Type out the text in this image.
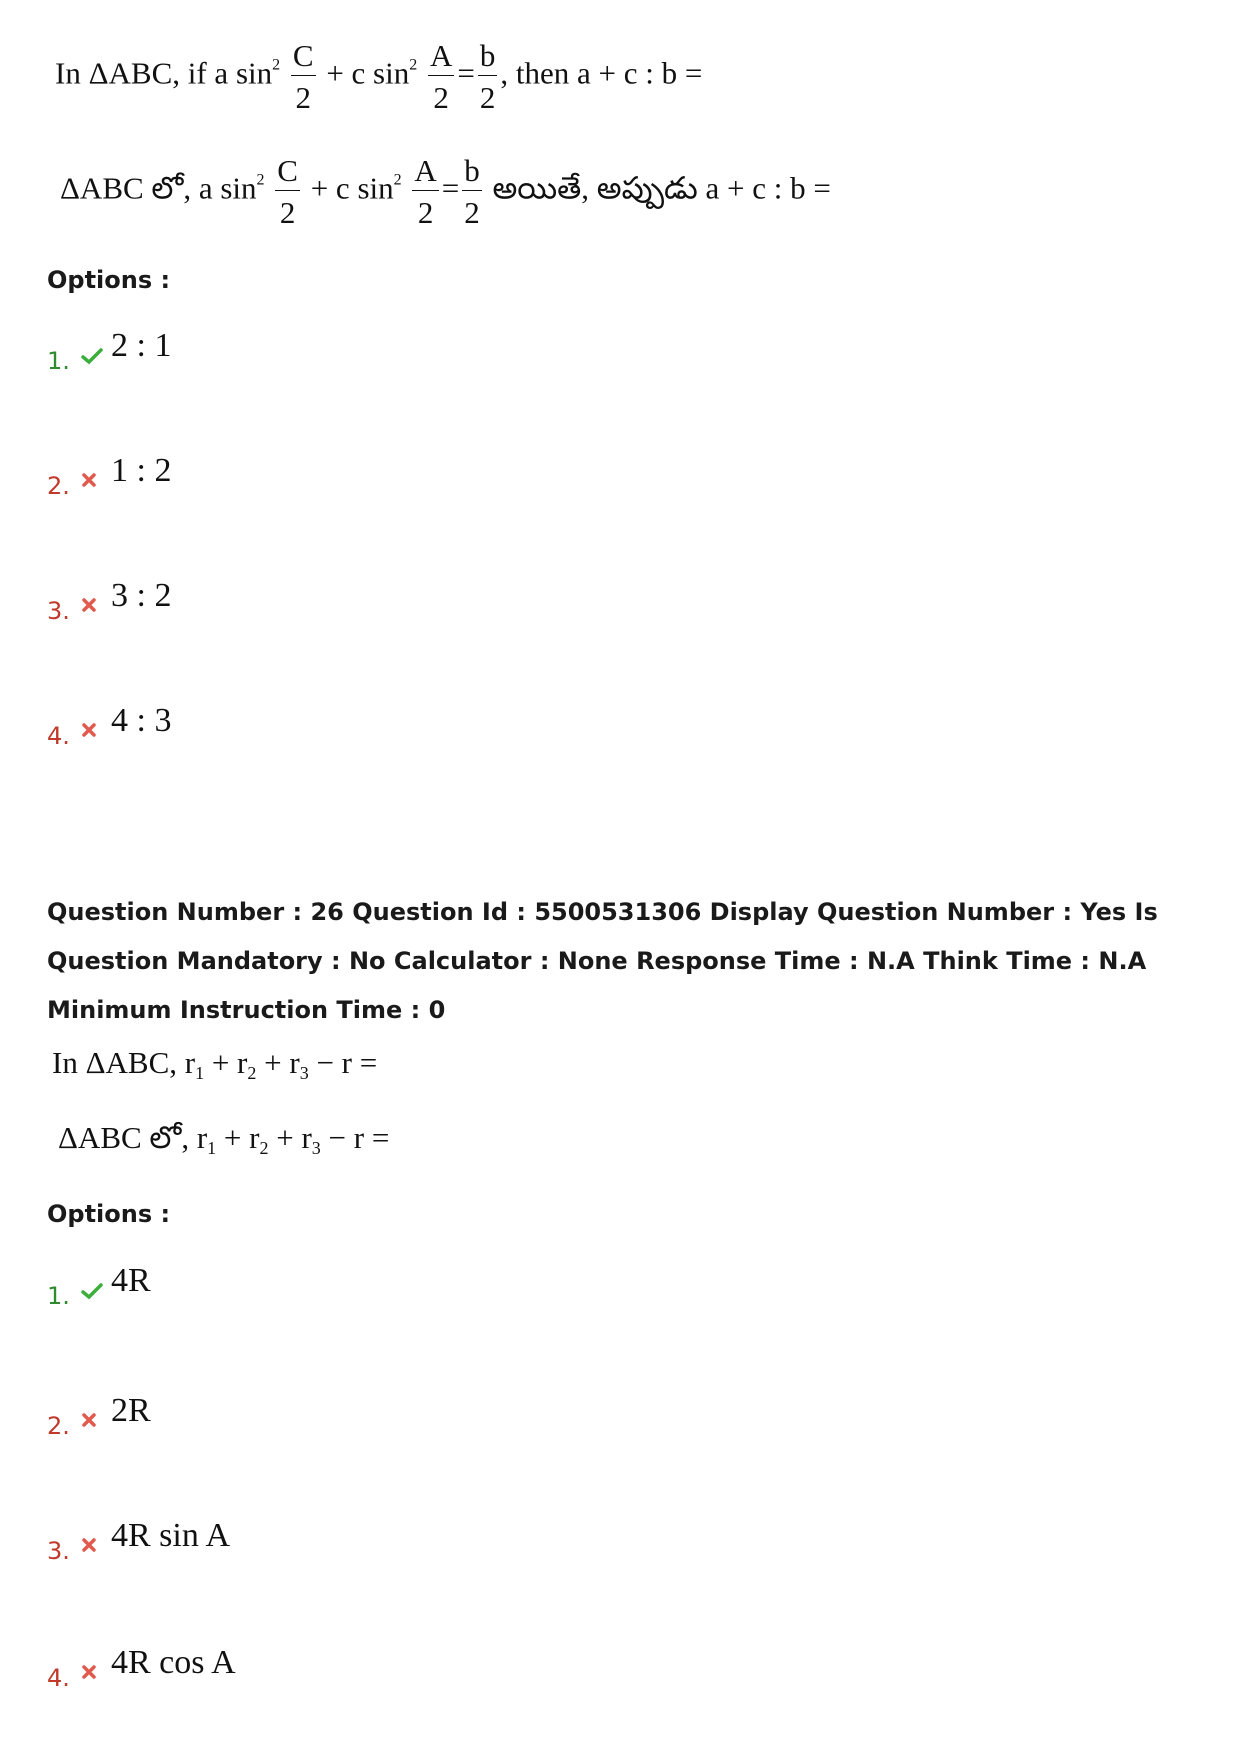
In ΔABC, if a $\sin^2 \frac{C}{2} + c$ $\sin^2 \frac{A}{2} = \frac{b}{2}$ , then a + c : b =
ΔABC లో, a $\sin^2 \frac{C}{2} + c$ $\sin^2 \frac{A}{2} = \frac{b}{2}$ అయితే, అప్పుడు a + c : b =
Options :
1.	2 : 1
2.	1 : 2
3.	3 : 2
4.	4 : 3
Question Number : 26 Question Id : 5500531306 Display Question Number : Yes Is Question Mandatory : No Calculator : None Response Time : N.A Think Time : N.A Minimum Instruction Time : 0
In ΔABC, $r_1 + r_2 + r_3 - r$ =
ΔABC లో, $r_1 + r_2 + r_3 - r$ =
Options :
1.	4R
2.	2R
3.	4R sin A
4.	4R cos A
